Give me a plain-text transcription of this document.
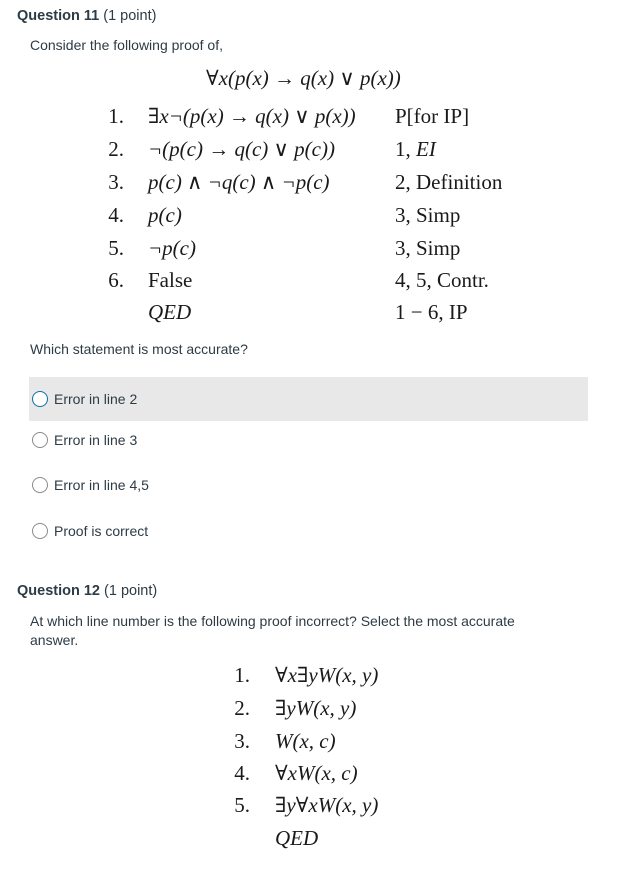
Question 11 (1 point)
Consider the following proof of,
∀x(p(x) → q(x) ∨ p(x))
1. ∃x¬(p(x) → q(x) ∨ p(x)) P[for IP]
2. ¬(p(c) → q(c) ∨ p(c))	1, EI
3. p(c) ∧ ¬q(c) ∧ ¬p(c)	2, Definition
4. p(c)	3, Simp
5. ¬p(c)	3, Simp
6. False	4, 5, Contr.
QED	1 − 6, IP
Which statement is most accurate?
Error in line 2
Error in line 3
Error in line 4,5
Proof is correct
Question 12 (1 point)
At which line number is the following proof incorrect? Select the most accurate
answer.
1. ∀x∃yW(x, y)
2. ∃yW(x, y)
3. W(x, c)
4. ∀xW(x, c)
5. ∃y∀xW(x, y)
QED
